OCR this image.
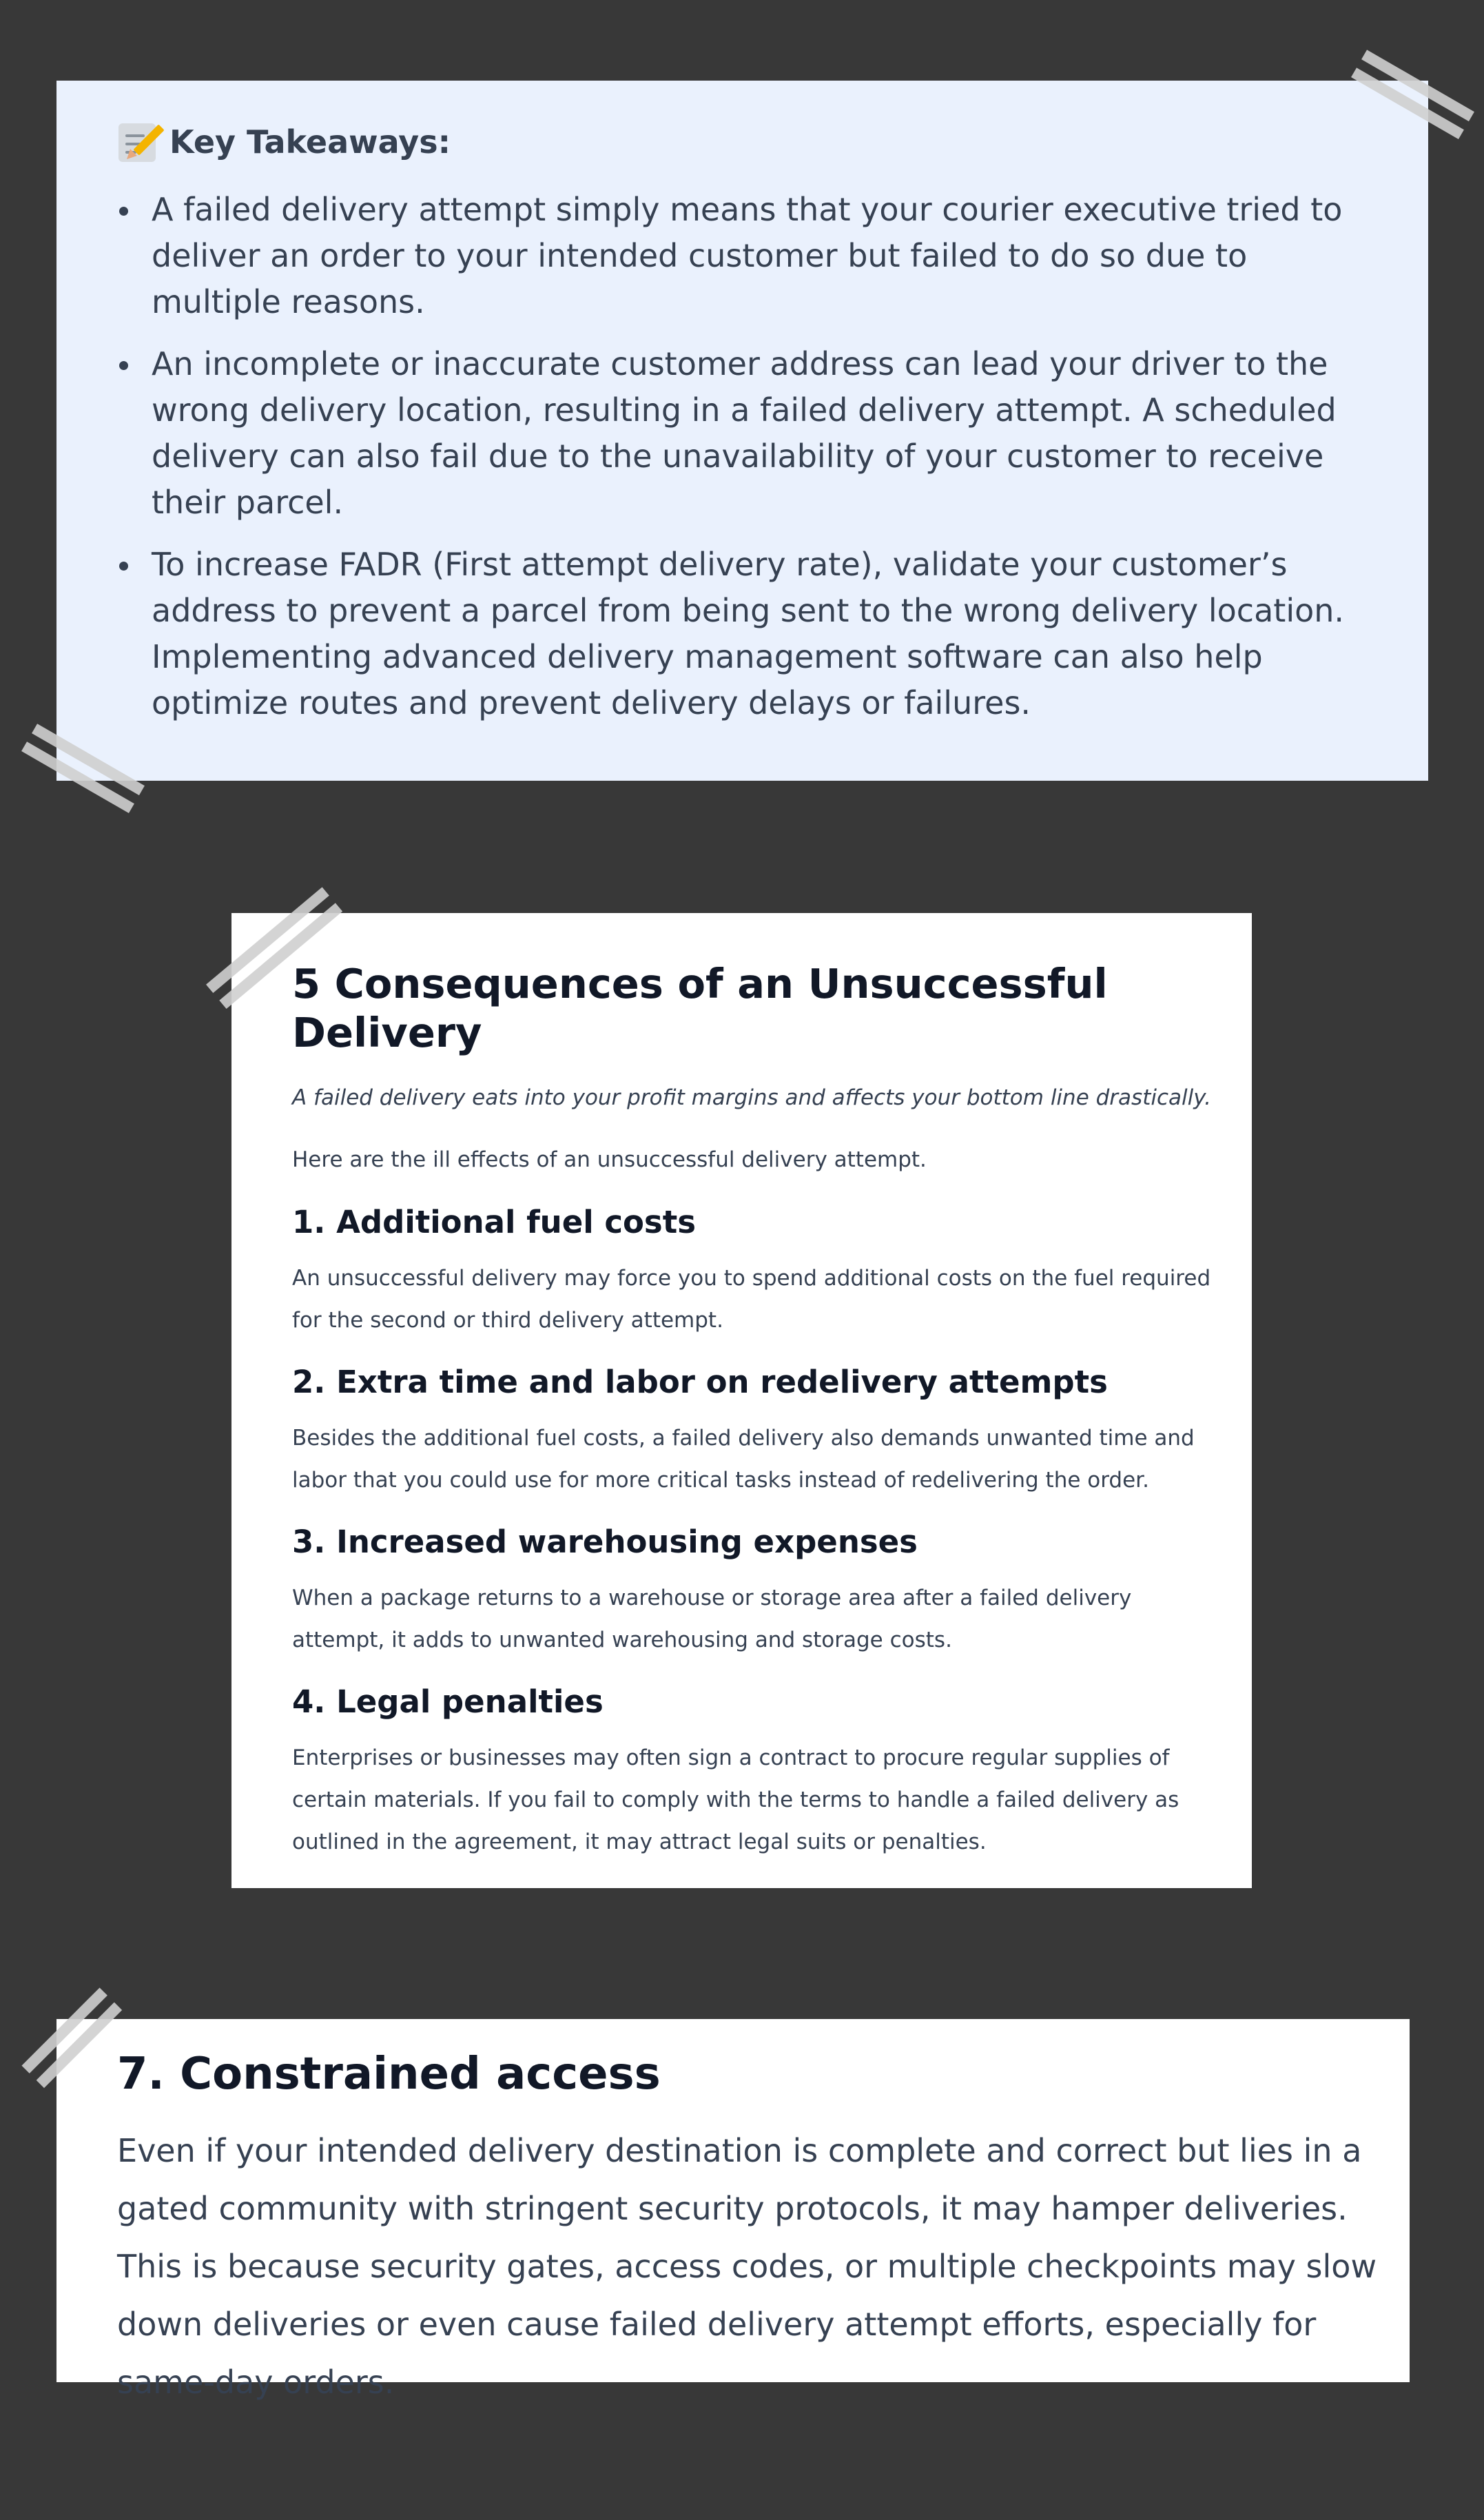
Key Takeaways:
A failed delivery attempt simply means that your courier executive tried to deliver an order to your intended customer but failed to do so due to multiple reasons.
An incomplete or inaccurate customer address can lead your driver to the wrong delivery location, resulting in a failed delivery attempt. A scheduled delivery can also fail due to the unavailability of your customer to receive their parcel.
To increase FADR (First attempt delivery rate), validate your customer’s address to prevent a parcel from being sent to the wrong delivery location. Implementing advanced delivery management software can also help optimize routes and prevent delivery delays or failures.
5 Consequences of an Unsuccessful Delivery

A failed delivery eats into your profit margins and affects your bottom line drastically.

Here are the ill effects of an unsuccessful delivery attempt.

1. Additional fuel costs

An unsuccessful delivery may force you to spend additional costs on the fuel required for the second or third delivery attempt.

2. Extra time and labor on redelivery attempts

Besides the additional fuel costs, a failed delivery also demands unwanted time and labor that you could use for more critical tasks instead of redelivering the order.

3. Increased warehousing expenses

When a package returns to a warehouse or storage area after a failed delivery attempt, it adds to unwanted warehousing and storage costs.

4. Legal penalties

Enterprises or businesses may often sign a contract to procure regular supplies of certain materials. If you fail to comply with the terms to handle a failed delivery as outlined in the agreement, it may attract legal suits or penalties.

7. Constrained access

Even if your intended delivery destination is complete and correct but lies in a gated community with stringent security protocols, it may hamper deliveries. This is because security gates, access codes, or multiple checkpoints may slow down deliveries or even cause failed delivery attempt efforts, especially for same-day orders.
